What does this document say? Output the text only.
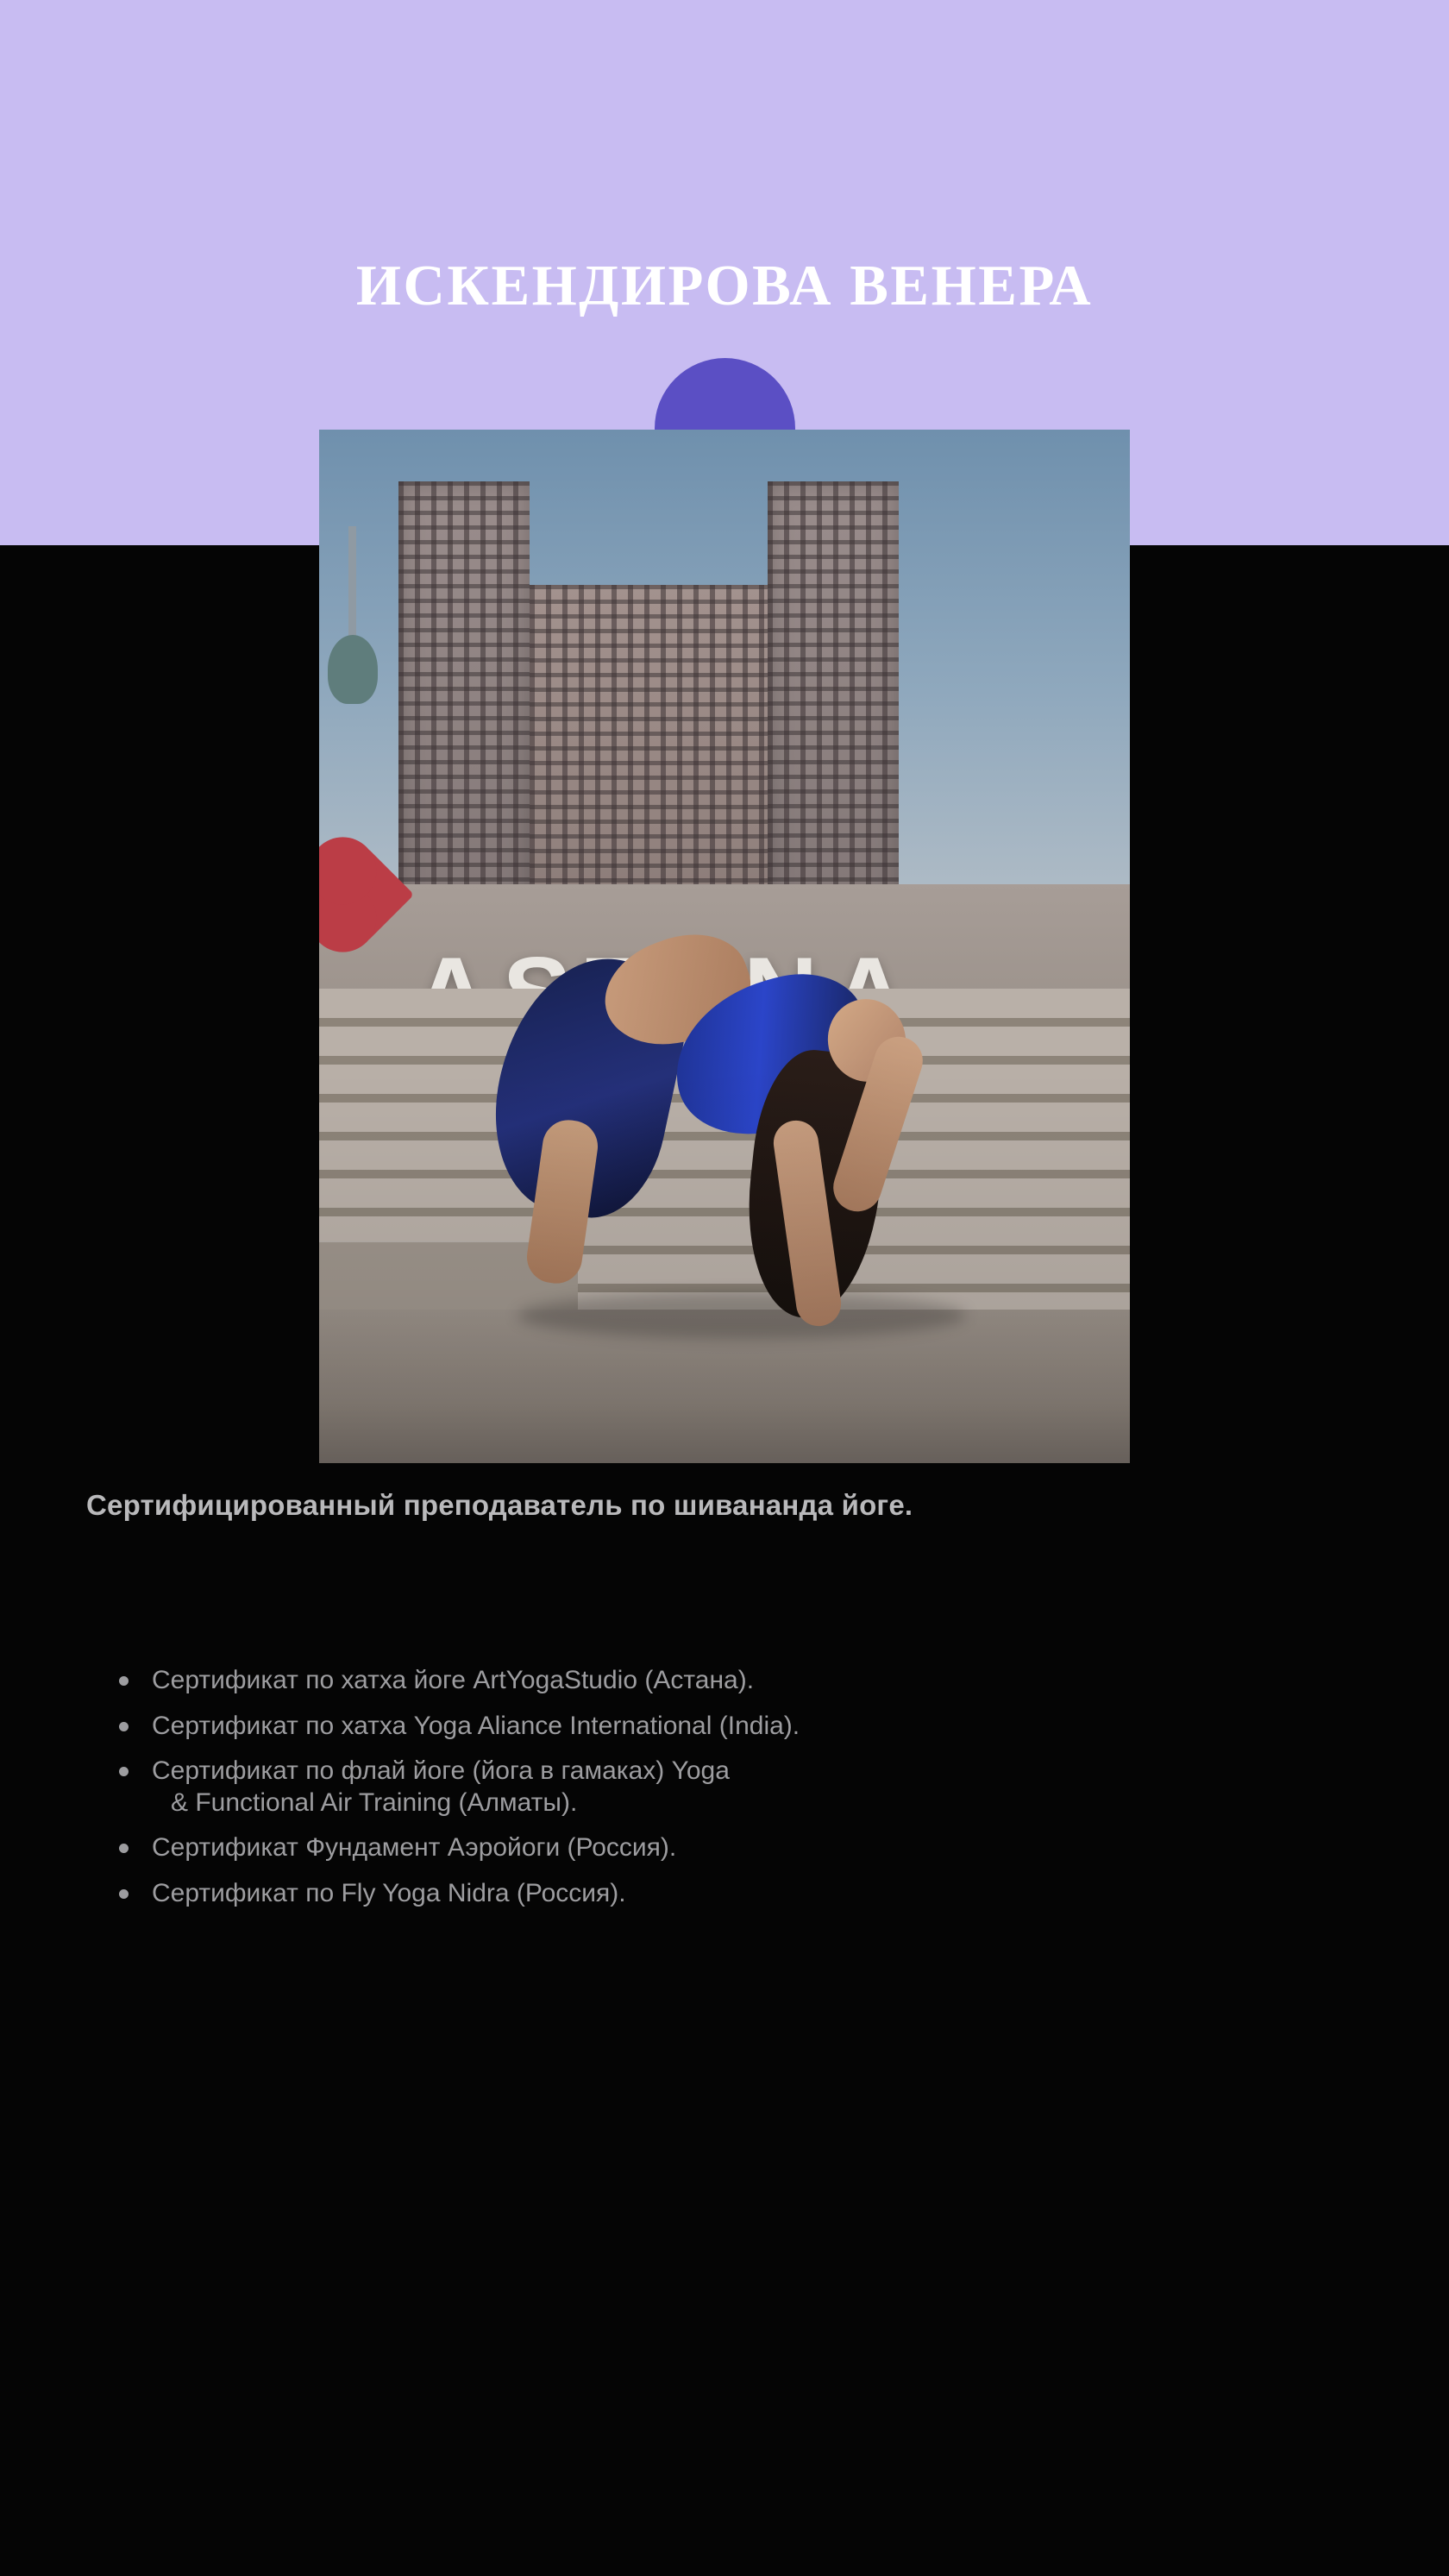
ИСКЕНДИРОВА ВЕНЕРА
Сертифицированный преподаватель по шивананда йоге.
Сертификат по хатха йоге ArtYogaStudio (Астана).
Сертификат по хатха Yoga Aliance International (India).
Сертификат по флай йоге (йога в гамаках) Yoga
& Functional Air Training (Алматы).
Сертификат Фундамент Аэройоги (Россия).
Сертификат по Fly Yoga Nidra (Россия).
